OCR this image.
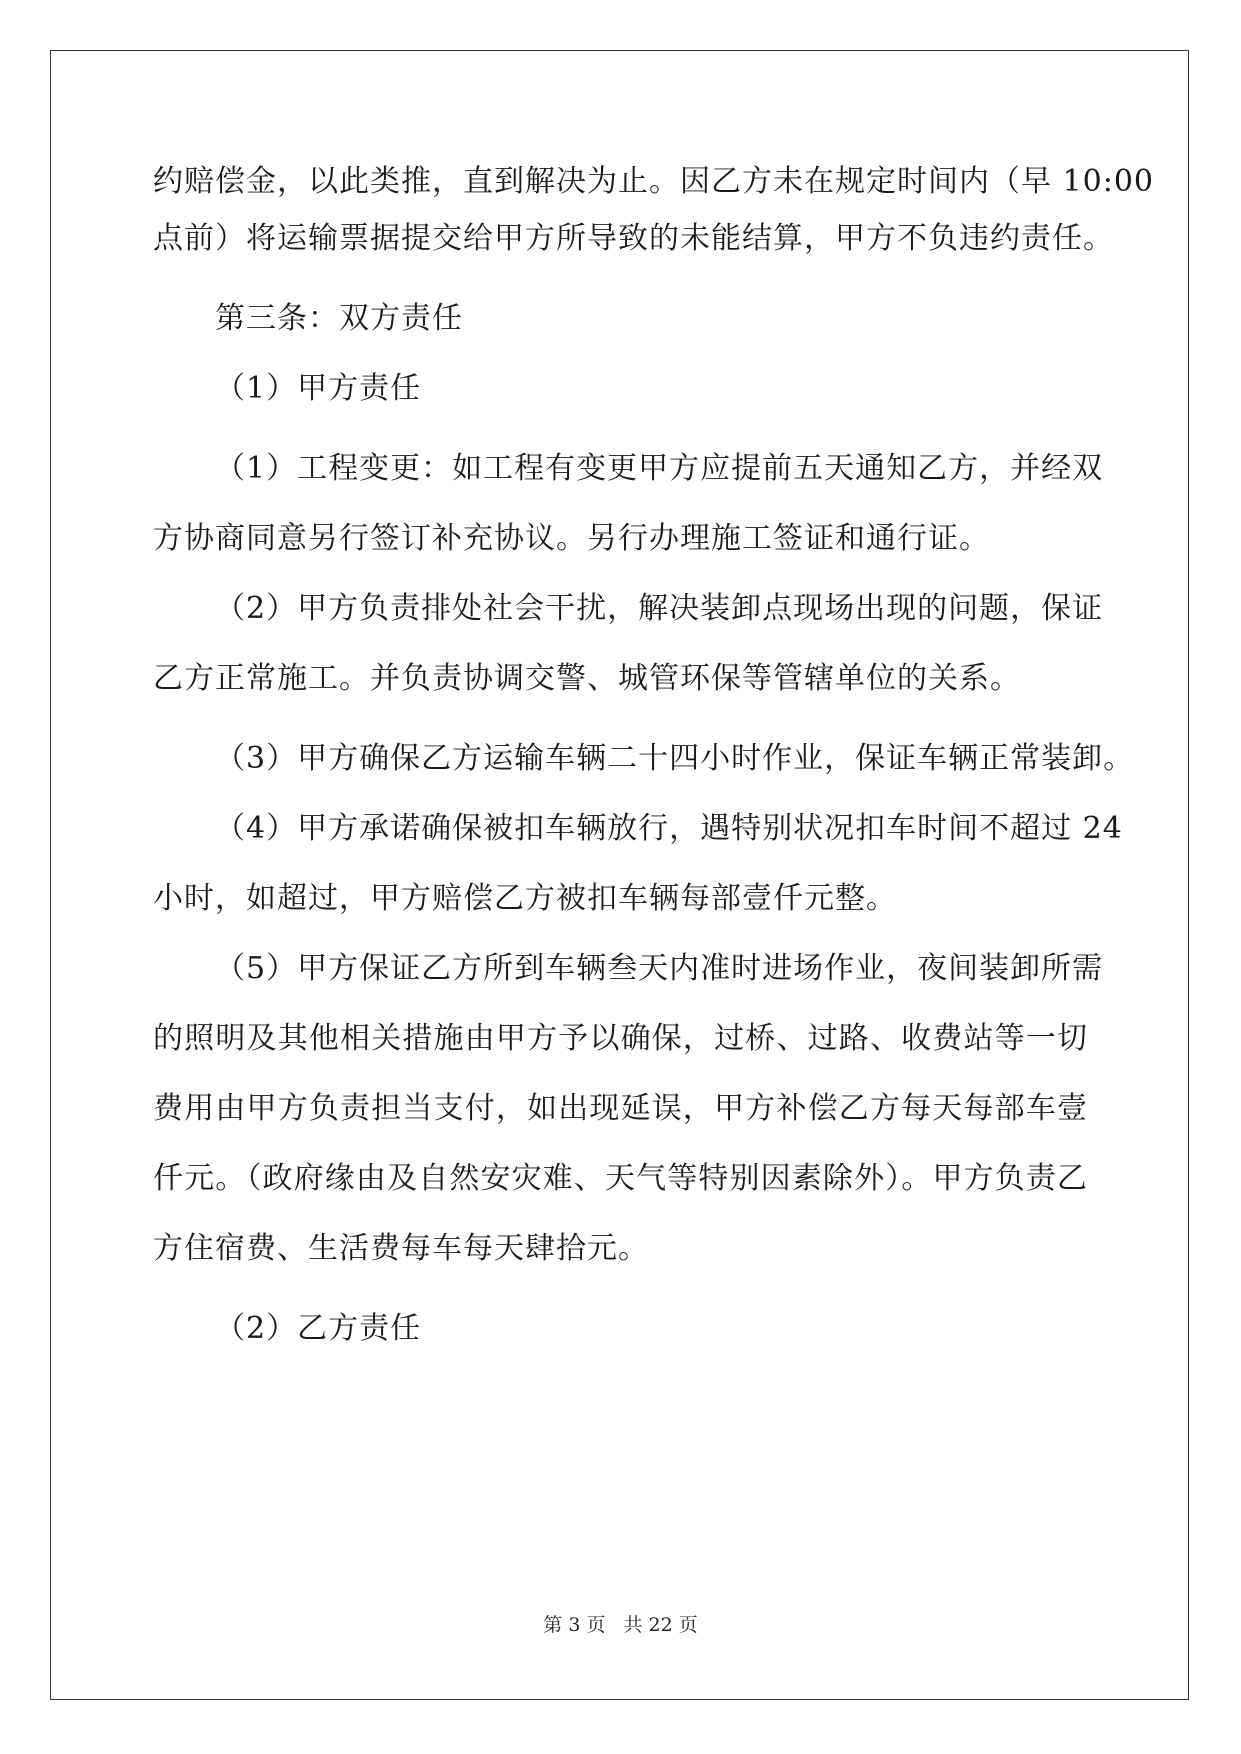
约赔偿金，以此类推，直到解决为止。因乙方未在规定时间内（早 10:00
点前）将运输票据提交给甲方所导致的未能结算，甲方不负违约责任。
第三条：双方责任
（1）甲方责任
（1）工程变更：如工程有变更甲方应提前五天通知乙方，并经双
方协商同意另行签订补充协议。另行办理施工签证和通行证。
（2）甲方负责排处社会干扰，解决装卸点现场出现的问题，保证
乙方正常施工。并负责协调交警、城管环保等管辖单位的关系。
（3）甲方确保乙方运输车辆二十四小时作业，保证车辆正常装卸。
（4）甲方承诺确保被扣车辆放行，遇特别状况扣车时间不超过 24
小时，如超过，甲方赔偿乙方被扣车辆每部壹仟元整。
（5）甲方保证乙方所到车辆叁天内准时进场作业，夜间装卸所需
的照明及其他相关措施由甲方予以确保，过桥、过路、收费站等一切
费用由甲方负责担当支付，如出现延误，甲方补偿乙方每天每部车壹
仟元。（政府缘由及自然安灾难、天气等特别因素除外）。甲方负责乙
方住宿费、生活费每车每天肆拾元。
（2）乙方责任
第 3 页 共 22 页
